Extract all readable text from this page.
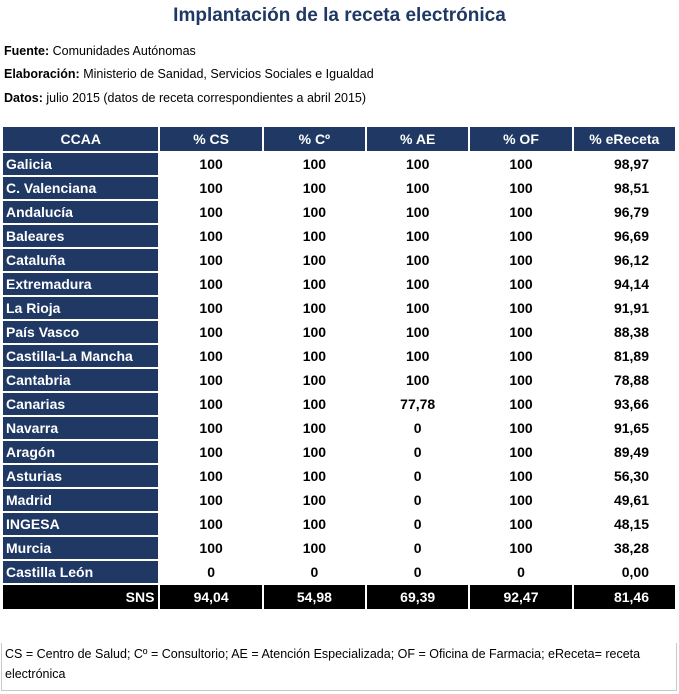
Implantación de la receta electrónica
Fuente: Comunidades Autónomas
Elaboración: Ministerio de Sanidad, Servicios Sociales e Igualdad
Datos: julio 2015 (datos de receta correspondientes a abril 2015)
CCAA	% CS	% Cº	% AE	% OF	% eReceta
Galicia	100	100	100	100	98,97
C. Valenciana	100	100	100	100	98,51
Andalucía	100	100	100	100	96,79
Baleares	100	100	100	100	96,69
Cataluña	100	100	100	100	96,12
Extremadura	100	100	100	100	94,14
La Rioja	100	100	100	100	91,91
País Vasco	100	100	100	100	88,38
Castilla-La Mancha	100	100	100	100	81,89
Cantabria	100	100	100	100	78,88
Canarias	100	100	77,78	100	93,66
Navarra	100	100	0	100	91,65
Aragón	100	100	0	100	89,49
Asturias	100	100	0	100	56,30
Madrid	100	100	0	100	49,61
INGESA	100	100	0	100	48,15
Murcia	100	100	0	100	38,28
Castilla León	0	0	0	0	0,00
SNS	94,04	54,98	69,39	92,47	81,46
CS = Centro de Salud; Cº = Consultorio; AE = Atención Especializada; OF = Oficina de Farmacia; eReceta= receta electrónica
